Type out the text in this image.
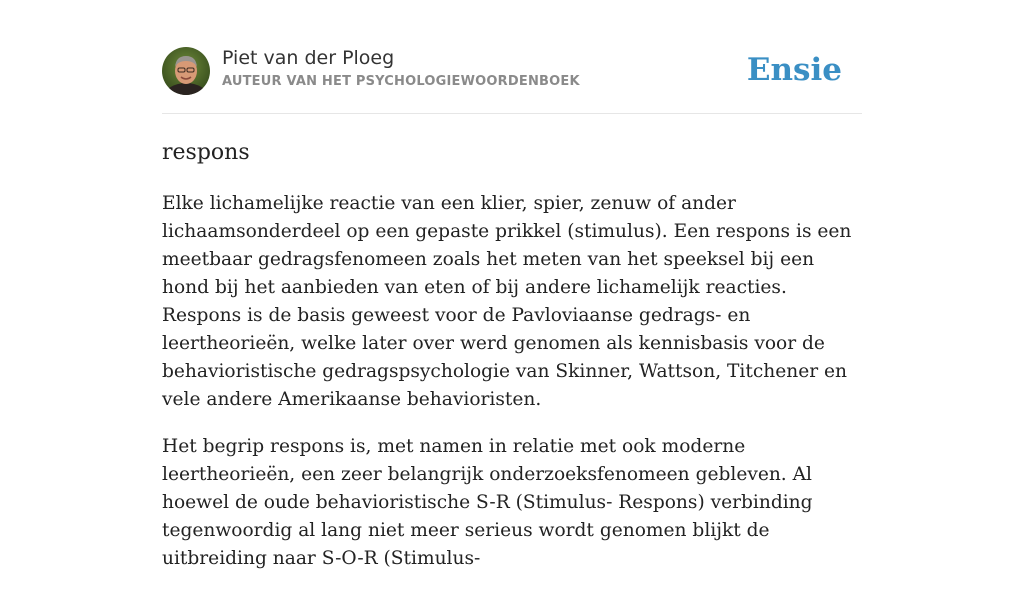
Piet van der Ploeg
AUTEUR VAN HET PSYCHOLOGIEWOORDENBOEK	Ensie
respons

Elke lichamelijke reactie van een klier, spier, zenuw of ander lichaamsonderdeel op een gepaste prikkel (stimulus). Een respons is een meetbaar gedragsfenomeen zoals het meten van het speeksel bij een hond bij het aanbieden van eten of bij andere lichamelijk reacties. Respons is de basis geweest voor de Pavloviaanse gedrags- en leertheorieën, welke later over werd genomen als kennisbasis voor de behavioristische gedragspsychologie van Skinner, Wattson, Titchener en vele andere Amerikaanse behavioristen.

Het begrip respons is, met namen in relatie met ook moderne leertheorieën, een zeer belangrijk onderzoeksfenomeen gebleven. Al hoewel de oude behavioristische S-R (Stimulus- Respons) verbinding tegenwoordig al lang niet meer serieus wordt genomen blijkt de uitbreiding naar S-O-R (Stimulus-
